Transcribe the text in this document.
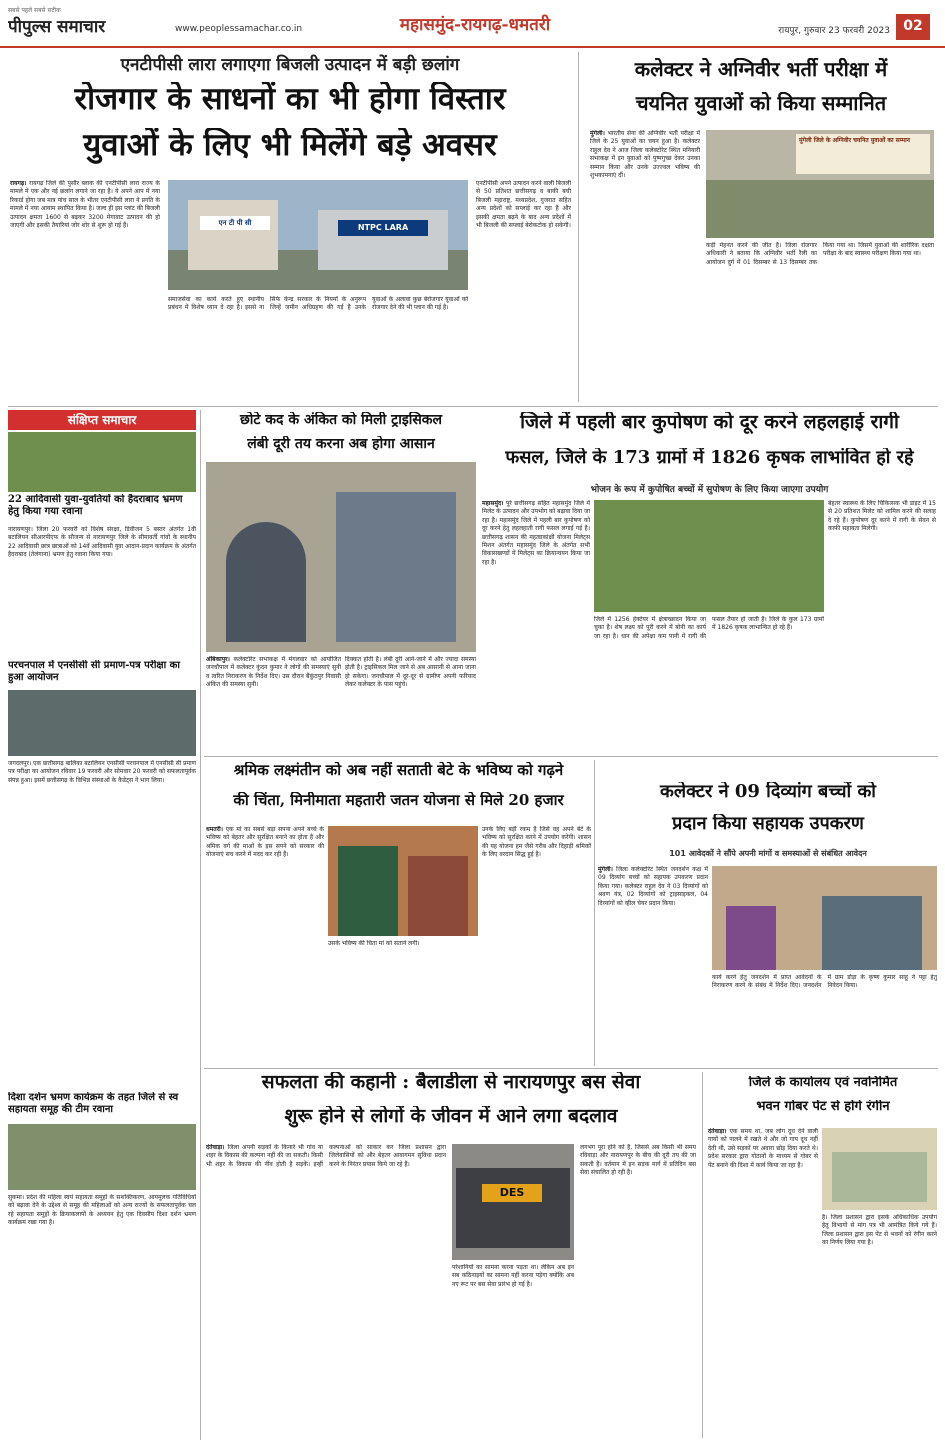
सबसे पहले सबसे सटीक
पीपुल्स समाचार	www.peoplessamachar.co.in	महासमुंद-रायगढ़-धमतरी	रायपुर, गुरुवार 23 फरवरी 2023 02
एनटीपीसी लारा लगाएगा बिजली उत्पादन में बड़ी छलांग
रोजगार के साधनों का भी होगा विस्तार
युवाओं के लिए भी मिलेंगे बड़े अवसर
रायगढ़। रायगढ़ जिले की पुसौर ब्लाक की एनटीपीसी लारा राज्य के मामले में एक और नई छलांग लगाने जा रहा है। ये अपने आप में नया रिकार्ड होगा जब मात्र पांच साल के भीतर एनटीपीसी लारा ने प्रगति के मामले में नया आयाम स्थापित किया है। जल्द ही इस प्लांट की बिजली उत्पादन क्षमता 1600 से बढ़कर 3200 मेगावाट उत्पादन की हो जाएगी और इसकी तैयारियां जोर शोर से शुरू हो गई हैं।	एन टी पी सी	NTPC LARA
समाजसेवा का कार्य करते हुए स्थानीय प्रबंधन में विशेष ध्यान दे रहा है। इससे ना सिर्फ केन्द्र सरकार के नियमों के अनुरूप जिन्हें जमीन अधिग्रहण की गई है उनके युवाओं के अलावा कुछ बेरोजगार युवाओं को रोजगार देने की भी प्लान की गई है।
एनटीपीसी अपने उत्पादन करने वाली बिजली से 50 प्रतिशत छत्तीसगढ़ व बाकी बची बिजली महाराष्ट्र, मध्यप्रदेश, गुजरात सहित अन्य प्रदेशों को सप्लाई कर रहा है और इसकी क्षमता बढ़ने के बाद अन्य प्रदेशों में भी बिजली की सप्लाई बेरोकटोक हो सकेगी।
कलेक्टर ने अग्निवीर भर्ती परीक्षा में
चयनित युवाओं को किया सम्मानित
मुंगेली। भारतीय सेना की अग्निवीर भर्ती परीक्षा में जिले के 25 युवाओं का चयन हुआ है। कलेक्टर राहुल देव ने आज जिला कलेक्टोरेट स्थित मनियारी सभाकक्ष में इन युवाओं को पुष्पगुच्छ देकर उनका सम्मान किया और उनके उज्ज्वल भविष्य की शुभकामनाएं दीं।
मुंगेली जिले के अग्निवीर चयनित युवाओं का सम्मान
कड़ी मेहनत करने की जीत है। जिला रोजगार अधिकारी ने बताया कि अग्निवीर भर्ती रैली का आयोजन दुर्ग में 01 दिसम्बर से 13 दिसम्बर तक किया गया था। जिसमें युवाओं की शारीरिक दक्षता परीक्षा के बाद स्वास्थ्य परीक्षण किया गया था।
संक्षिप्त समाचार
22 आदिवासी युवा-युवतियों को हैदराबाद भ्रमण हेतु किया गया रवाना
नारायणपुर। जिला 20 फरवरी को विशेष संरक्षा, डिवीजन 5 बस्तर अंतर्गत 1वीं बटालियन सीआरपीएफ के सौजन्य से नारायणपुर जिले के सीमावर्ती गांवों के स्थानीय 22 आदिवासी छात्र छात्राओं को 14वें आदिवासी युवा आदान-प्रदान कार्यक्रम के अंतर्गत हैदराबाद (तेलंगाना) भ्रमण हेतु रवाना किया गया।
परचनपाल में एनसीसी सी प्रमाण-पत्र परीक्षा का हुआ आयोजन
जगदलपुर। एक छत्तीसगढ़ बालिका बटालियन एनसीसी परचनपाल में एनसीसी सी प्रमाण पत्र परीक्षा का आयोजन रविवार 19 फरवरी और सोमवार 20 फरवरी को सफलतापूर्वक संपन्न हुआ। इसमें छत्तीसगढ़ के विभिन्न संस्थाओं के कैडेट्स ने भाग लिया।
दिशा दर्शन भ्रमण कार्यक्रम के तहत जिले से स्व सहायता समूह की टीम रवाना
सुकमा। प्रदेश की महिला स्वयं सहायता समूहों के सशक्तिकरण, आयमूलक गतिविधियों को बढ़ावा देने के उद्देश्य से समूह की महिलाओं को अन्य राज्यों के सफलतापूर्वक चल रहे सहायता समूहों के क्रियाकलापों के अध्ययन हेतु एक दिवसीय दिशा दर्शन भ्रमण कार्यक्रम रखा गया है।
छोटे कद के अंकित को मिली ट्राइसिकल
लंबी दूरी तय करना अब होगा आसान
अंबिकापुर। कलेक्टोरेट सभाकक्ष में मंगलवार को आयोजित जनचौपाल में कलेक्टर कुंदन कुमार ने लोगों की समस्याएं सुनी व त्वरित निराकरण के निर्देश दिए। उस दौरान बैंकुंठपुर निवासी अंकित की समस्या सुनी।
दिक्कत होती है। लंबी दूरी आने-जाने में और ज्यादा समस्या होती है। ट्राइसिकल मिल जाने से अब आसानी से आना जाना हो सकेगा। जनचौपाल में दूर-दूर से ग्रामीण अपनी फरियाद लेकर कलेक्टर के पास पहुंचे।
जिले में पहली बार कुपोषण को दूर करने लहलहाई रागी
फसल, जिले के 173 ग्रामों में 1826 कृषक लाभांवित हो रहे
भोजन के रूप में कुपोषित बच्चों में सुपोषण के लिए किया जाएगा उपयोग
महासमुंद। पूरे छत्तीसगढ़ सहित महासमुंद जिले में मिलेट के उत्पादन और उपभोग को बढ़ावा दिया जा रहा है। महासमुंद जिले में पहली बार कुपोषण को दूर करने हेतु लहलहाती रागी फसल लगाई गई है। छत्तीसगढ़ शासन की महत्वाकांक्षी योजना मिलेट्स मिशन अंतर्गत महासमुंद जिले के अंतर्गत सभी विकासखण्डों में मिलेट्स का क्रियान्वयन किया जा रहा है।
जिले में 1256 हेक्टेयर में क्षेत्राच्छादन किया जा चुका है। शेष लक्ष्य को पूरी करने में बोनी का कार्य जा रहा है। धान की अपेक्षा कम पानी में रागी की फसल तैयार हो जाती है। जिले के कुल 173 ग्रामों में 1826 कृषक लाभान्वित हो रहे हैं।
बेहतर स्वास्थ्य के लिए चिकित्सक भी डाइट में 15 से 20 प्रतिशत मिलेट को शामिल करने की सलाह दे रहे हैं। कुपोषण दूर करने में रागी के सेवन से काफी सहायता मिलेगी।
श्रमिक लक्ष्मंतीन को अब नहीं सताती बेटे के भविष्य को गढ़ने
की चिंता, मिनीमाता महतारी जतन योजना से मिले 20 हजार
धमतरी। एक मां का सबसे बड़ा सपना अपने बच्चे के भविष्य को बेहतर और सुरक्षित बनाने का होता है और श्रमिक वर्ग की माओं के इस सपने को सरकार की योजनाएं सच करने में मदद कर रही हैं।
उसके भविष्य की चिंता मां को सताने लगी।
उनके लिए बड़ी रकम है जिसे वह अपने बेटे के भविष्य को सुरक्षित करने में उपयोग करेंगी। शासन की यह योजना हम जैसे गरीब और दिहाड़ी श्रमिकों के लिए वरदान सिद्ध हुई है।
कलेक्टर ने 09 दिव्यांग बच्चों को
प्रदान किया सहायक उपकरण
101 आवेदकों ने सौंपे अपनी मांगों व समस्याओं से संबंधित आवेदन
मुंगेली। जिला कलेक्टोरेट स्थित जनदर्शन कक्ष में 09 दिव्यांग बच्चों को सहायक उपकरण प्रदान किया गया। कलेक्टर राहुल देव ने 03 दिव्यांगों को श्रवण यंत्र, 02 दिव्यांगों को ट्राइसाइकल, 04 दिव्यांगों को व्हील चेयर प्रदान किया।
कार्य करने हेतु जनदर्शन में प्राप्त आवेदनों के निराकरण करने के संबंध में निर्देश दिए। जनदर्शन में ग्राम डोड़ा के कृष्ण कुमार साहू ने पट्टा हेतु निवेदन किया।
सफलता की कहानी : बैलाडीला से नारायणपुर बस सेवा
शुरू होने से लोगों के जीवन में आने लगा बदलाव
दंतेवाड़ा। जिला अपनी सड़कों के किनारे भी गांव या शहर के विकास की कल्पना नहीं की जा सकती। किसी भी शहर के विकास की नींव होती है सड़कें। इन्हीं कल्पनाओं को साकार कर जिला प्रशासन द्वारा जिलेवासियों को और बेहतर आवागमन सुविधा प्रदान करने के निरंतर प्रयास किये जा रहे हैं।
DES
परेशानियों का सामना करना पड़ता था। लेकिन अब इन सब कठिनाइयों का सामना नहीं करना पड़ेगा क्योंकि अब नए रूट पर बस सेवा प्रारंभ हो गई है।
लगभग पूरा होने को है, जिससे अब किसी भी समय रविवाड़ा और नारायणपुर के बीच की दूरी तय की जा सकती है। वर्तमान में इन सड़क मार्ग में प्रतिदिन बस सेवा संचालित हो रही है।
जिले के कार्यालय एवं नवनिर्मित
भवन गोबर पेंट से होंगे रंगीन
दंतेवाड़ा। एक समय था, जब लोग दूध देने वाली गायों को पालने में रखते थे और जो गाय दूध नहीं देती थी, उसे सड़कों पर अवारा छोड़ दिया करते थे। प्रदेश सरकार द्वारा गोठानों के माध्यम से गोबर से पेंट बनाने की दिशा में कार्य किया जा रहा है।
है। जिला प्रशासन द्वारा इसके अधिकाधिक उपयोग हेतु विभागों से मांग पत्र भी आमंत्रित किये गये हैं। जिला प्रशासन द्वारा इस पेंट से भवनों को रंगीन करने का निर्णय लिया गया है।
